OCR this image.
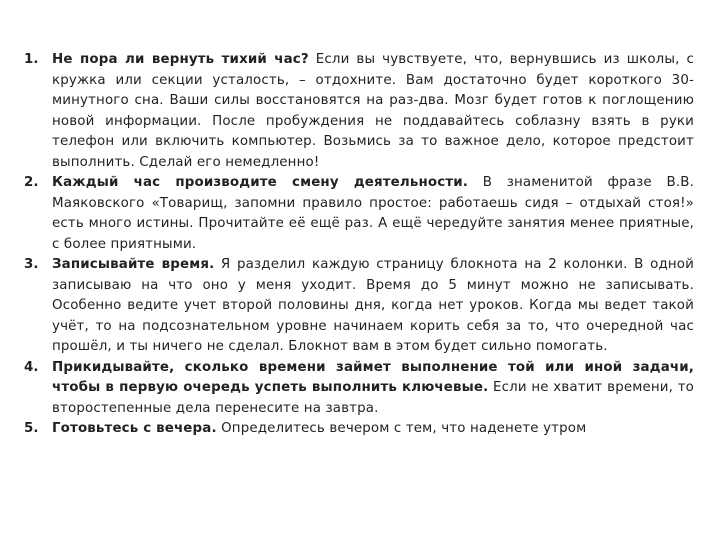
1.	Не пора ли вернуть тихий час? Если вы чувствуете, что, вернувшись из школы, с кружка или секции усталость, – отдохните. Вам достаточно будет короткого 30-минутного сна. Ваши силы восстановятся на раз-два. Мозг будет готов к поглощению новой информации. После пробуждения не поддавайтесь соблазну взять в руки телефон или включить компьютер. Возьмись за то важное дело, которое предстоит выполнить. Сделай его немедленно!
2.	Каждый час производите смену деятельности. В знаменитой фразе В.В. Маяковского «Товарищ, запомни правило простое: работаешь сидя – отдыхай стоя!» есть много истины. Прочитайте её ещё раз. А ещё чередуйте занятия менее приятные, с более приятными.
3.	Записывайте время. Я разделил каждую страницу блокнота на 2 колонки. В одной записываю на что оно у меня уходит. Время до 5 минут можно не записывать. Особенно ведите учет второй половины дня, когда нет уроков. Когда мы ведет такой учёт, то на подсознательном уровне начинаем корить себя за то, что очередной час прошёл, и ты ничего не сделал. Блокнот вам в этом будет сильно помогать.
4.	Прикидывайте, сколько времени займет выполнение той или иной задачи, чтобы в первую очередь успеть выполнить ключевые. Если не хватит времени, то второстепенные дела перенесите на завтра.
5.	Готовьтесь с вечера. Определитесь вечером с тем, что наденете утром
